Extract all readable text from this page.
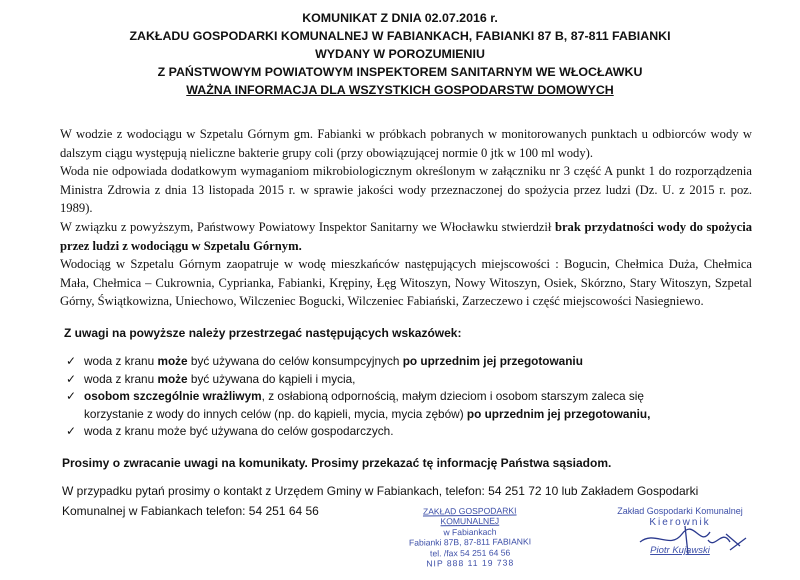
KOMUNIKAT Z DNIA 02.07.2016 r.
ZAKŁADU GOSPODARKI KOMUNALNEJ W FABIANKACH, FABIANKI 87 B, 87-811 FABIANKI
WYDANY W POROZUMIENIU
Z PAŃSTWOWYM POWIATOWYM INSPEKTOREM SANITARNYM WE WŁOCŁAWKU
WAŻNA INFORMACJA DLA WSZYSTKICH GOSPODARSTW DOMOWYCH

W wodzie z wodociągu w Szpetalu Górnym gm. Fabianki w próbkach pobranych w monitorowanych punktach u odbiorców wody w dalszym ciągu występują nieliczne bakterie grupy coli (przy obowiązującej normie 0 jtk w 100 ml wody).

Woda nie odpowiada dodatkowym wymaganiom mikrobiologicznym określonym w załączniku nr 3 część A punkt 1 do rozporządzenia Ministra Zdrowia z dnia 13 listopada 2015 r. w sprawie jakości wody przeznaczonej do spożycia przez ludzi (Dz. U. z 2015 r. poz. 1989).

W związku z powyższym, Państwowy Powiatowy Inspektor Sanitarny we Włocławku stwierdził brak przydatności wody do spożycia przez ludzi z wodociągu w Szpetalu Górnym.

Wodociąg w Szpetalu Górnym zaopatruje w wodę mieszkańców następujących miejscowości : Bogucin, Chełmica Duża, Chełmica Mała, Chełmica – Cukrownia, Cyprianka, Fabianki, Krępiny, Łęg Witoszyn, Nowy Witoszyn, Osiek, Skórzno, Stary Witoszyn, Szpetal Górny, Świątkowizna, Uniechowo, Wilczeniec Bogucki, Wilczeniec Fabiański, Zarzeczewo i część miejscowości Nasiegniewo.

Z uwagi na powyższe należy przestrzegać następujących wskazówek:
✓ woda z kranu może być używana do celów konsumpcyjnych po uprzednim jej przegotowaniu
✓ woda z kranu może być używana do kąpieli i mycia,
✓ osobom szczególnie wrażliwym, z osłabioną odpornością, małym dzieciom i osobom starszym zaleca się
korzystanie z wody do innych celów (np. do kąpieli, mycia, mycia zębów) po uprzednim jej przegotowaniu,
✓ woda z kranu może być używana do celów gospodarczych.
Prosimy o zwracanie uwagi na komunikaty. Prosimy przekazać tę informację Państwa sąsiadom.
W przypadku pytań prosimy o kontakt z Urzędem Gminy w Fabiankach, telefon: 54 251 72 10 lub Zakładem Gospodarki
Komunalnej w Fabiankach telefon: 54 251 64 56	ZAKŁAD GOSPODARKI KOMUNALNEJ
w Fabiankach
Fabianki 87B, 87-811 FABIANKI
tel. /fax 54 251 64 56
NIP 888 11 19 738
Zakład Gospodarki Komunalnej
Kierownik
Piotr Kujawski
